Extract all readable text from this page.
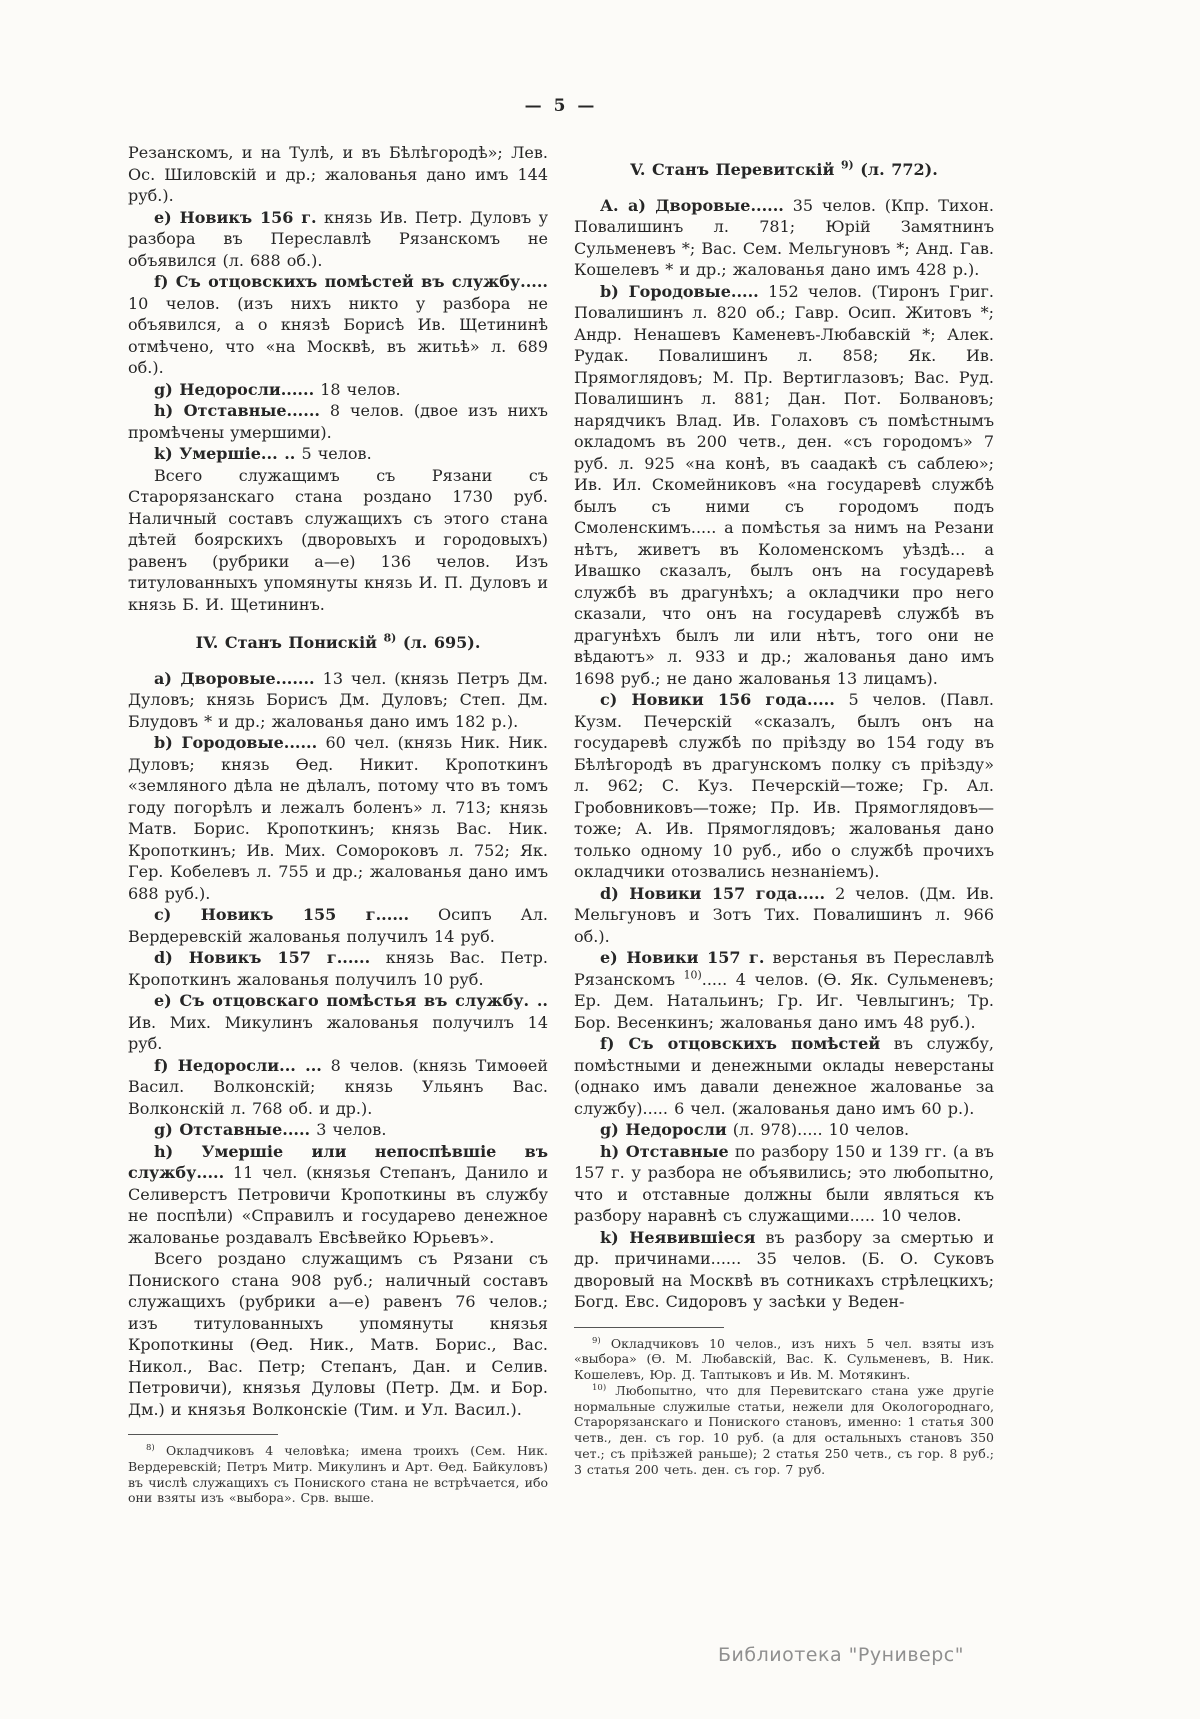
— 5 —

Резанскомъ, и на Тулѣ, и въ Бѣлѣгородѣ»; Лев. Ос. Шиловскій и др.; жалованья дано имъ 144 руб.).

e) Новикъ 156 г. князь Ив. Петр. Дуловъ у разбора въ Переславлѣ Рязанскомъ не объявился (л. 688 об.).

f) Съ отцовскихъ помѣстей въ службу..... 10 челов. (изъ нихъ никто у разбора не объявился, а о князѣ Борисѣ Ив. Щетининѣ отмѣчено, что «на Москвѣ, въ житьѣ» л. 689 об.).

g) Недоросли...... 18 челов.

h) Отставные...... 8 челов. (двое изъ нихъ промѣчены умершими).

k) Умершіе... .. 5 челов.

Всего служащимъ съ Рязани съ Старорязанскаго стана роздано 1730 руб. Наличный составъ служащихъ съ этого стана дѣтей боярскихъ (дворовыхъ и городовыхъ) равенъ (рубрики а—е) 136 челов. Изъ титулованныхъ упомянуты князь И. П. Дуловъ и князь Б. И. Щетининъ.

IV. Станъ Понискій $^{8)}$ (л. 695).

a) Дворовые....... 13 чел. (князь Петръ Дм. Дуловъ; князь Борисъ Дм. Дуловъ; Степ. Дм. Блудовъ * и др.; жалованья дано имъ 182 р.).

b) Городовые...... 60 чел. (князь Ник. Ник. Дуловъ; князь Ѳед. Никит. Кропоткинъ «земляного дѣла не дѣлалъ, потому что въ томъ году погорѣлъ и лежалъ боленъ» л. 713; князь Матв. Борис. Кропоткинъ; князь Вас. Ник. Кропоткинъ; Ив. Мих. Сомороковъ л. 752; Як. Гер. Кобелевъ л. 755 и др.; жалованья дано имъ 688 руб.).

c) Новикъ 155 г...... Осипъ Ал. Вердеревскій жалованья получилъ 14 руб.

d) Новикъ 157 г...... князь Вас. Петр. Кропоткинъ жалованья получилъ 10 руб.

e) Съ отцовскаго помѣстья въ службу. .. Ив. Мих. Микулинъ жалованья получилъ 14 руб.

f) Недоросли... ... 8 челов. (князь Тимоѳей Васил. Волконскій; князь Ульянъ Вас. Волконскій л. 768 об. и др.).

g) Отставные..... 3 челов.

h) Умершіе или непоспѣвшіе въ службу..... 11 чел. (князья Степанъ, Данило и Селиверстъ Петровичи Кропоткины въ службу не поспѣли) «Справилъ и государево денежное жалованье роздавалъ Евсѣвейко Юрьевъ».

Всего роздано служащимъ съ Рязани съ Пониского стана 908 руб.; наличный составъ служащихъ (рубрики а—е) равенъ 76 челов.; изъ титулованныхъ упомянуты князья Кропоткины (Ѳед. Ник., Матв. Борис., Вас. Никол., Вас. Петр; Степанъ, Дан. и Селив. Петровичи), князья Дуловы (Петр. Дм. и Бор. Дм.) и князья Волконскіе (Тим. и Ул. Васил.).

$^{8)}$ Окладчиковъ 4 человѣка; имена троихъ (Сем. Ник. Вердеревскій; Петръ Митр. Микулинъ и Арт. Ѳед. Байкуловъ) въ числѣ служащихъ съ Пониского стана не встрѣчается, ибо они взяты изъ «выбора». Срв. выше.

V. Станъ Перевитскій $^{9)}$ (л. 772).

А. a) Дворовые...... 35 челов. (Кпр. Тихон. Повалишинъ л. 781; Юрій Замятнинъ Сульменевъ *; Вас. Сем. Мельгуновъ *; Анд. Гав. Кошелевъ * и др.; жалованья дано имъ 428 р.).

b) Городовые..... 152 челов. (Тиронъ Григ. Повалишинъ л. 820 об.; Гавр. Осип. Житовъ *; Андр. Ненашевъ Каменевъ-Любавскій *; Алек. Рудак. Повалишинъ л. 858; Як. Ив. Прямоглядовъ; М. Пр. Вертиглазовъ; Вас. Руд. Повалишинъ л. 881; Дан. Пот. Болвановъ; нарядчикъ Влад. Ив. Голаховъ съ помѣстнымъ окладомъ въ 200 четв., ден. «съ городомъ» 7 руб. л. 925 «на конѣ, въ саадакѣ съ саблею»; Ив. Ил. Скомейниковъ «на государевѣ службѣ былъ съ ними съ городомъ подъ Смоленскимъ..... а помѣстья за нимъ на Резани нѣтъ, живетъ въ Коломенскомъ уѣздѣ... а Ивашко сказалъ, былъ онъ на государевѣ службѣ въ драгунѣхъ; а окладчики про него сказали, что онъ на государевѣ службѣ въ драгунѣхъ былъ ли или нѣтъ, того они не вѣдаютъ» л. 933 и др.; жалованья дано имъ 1698 руб.; не дано жалованья 13 лицамъ).

c) Новики 156 года..... 5 челов. (Павл. Кузм. Печерскій «сказалъ, былъ онъ на государевѣ службѣ по пріѣзду во 154 году въ Бѣлѣгородѣ въ драгунскомъ полку съ пріѣзду» л. 962; С. Куз. Печерскій—тоже; Гр. Ал. Гробовниковъ—тоже; Пр. Ив. Прямоглядовъ—тоже; А. Ив. Прямоглядовъ; жалованья дано только одному 10 руб., ибо о службѣ прочихъ окладчики отозвались незнаніемъ).

d) Новики 157 года..... 2 челов. (Дм. Ив. Мельгуновъ и Зотъ Тих. Повалишинъ л. 966 об.).

e) Новики 157 г. верстанья въ Переславлѣ Рязанскомъ $^{10)}$..... 4 челов. (Ѳ. Як. Сульменевъ; Ер. Дем. Натальинъ; Гр. Иг. Чевлыгинъ; Тр. Бор. Весенкинъ; жалованья дано имъ 48 руб.).

f) Съ отцовскихъ помѣстей въ службу, помѣстными и денежными оклады неверстаны (однако имъ давали денежное жалованье за службу)..... 6 чел. (жалованья дано имъ 60 р.).

g) Недоросли (л. 978)..... 10 челов.

h) Отставные по разбору 150 и 139 гг. (а въ 157 г. у разбора не объявились; это любопытно, что и отставные должны были являться къ разбору наравнѣ съ служащими..... 10 челов.

k) Неявившіеся въ разбору за смертью и др. причинами...... 35 челов. (Б. О. Суковъ дворовый на Москвѣ въ сотникахъ стрѣлецкихъ; Богд. Евс. Сидоровъ у засѣки у Веден-

$^{9)}$ Окладчиковъ 10 челов., изъ нихъ 5 чел. взяты изъ «выбора» (Ѳ. М. Любавскій, Вас. К. Сульменевъ, В. Ник. Кошелевъ, Юр. Д. Таптыковъ и Ив. М. Мотякинъ.

$^{10)}$ Любопытно, что для Перевитскаго стана уже другіе нормальные служилые статьи, нежели для Окологороднаго, Старорязанскаго и Пониского становъ, именно: 1 статья 300 четв., ден. съ гор. 10 руб. (а для остальныхъ становъ 350 чет.; съ пріѣзжей раньше); 2 статья 250 четв., съ гор. 8 руб.; 3 статья 200 четь. ден. съ гор. 7 руб.

Библиотека "Руниверс"
